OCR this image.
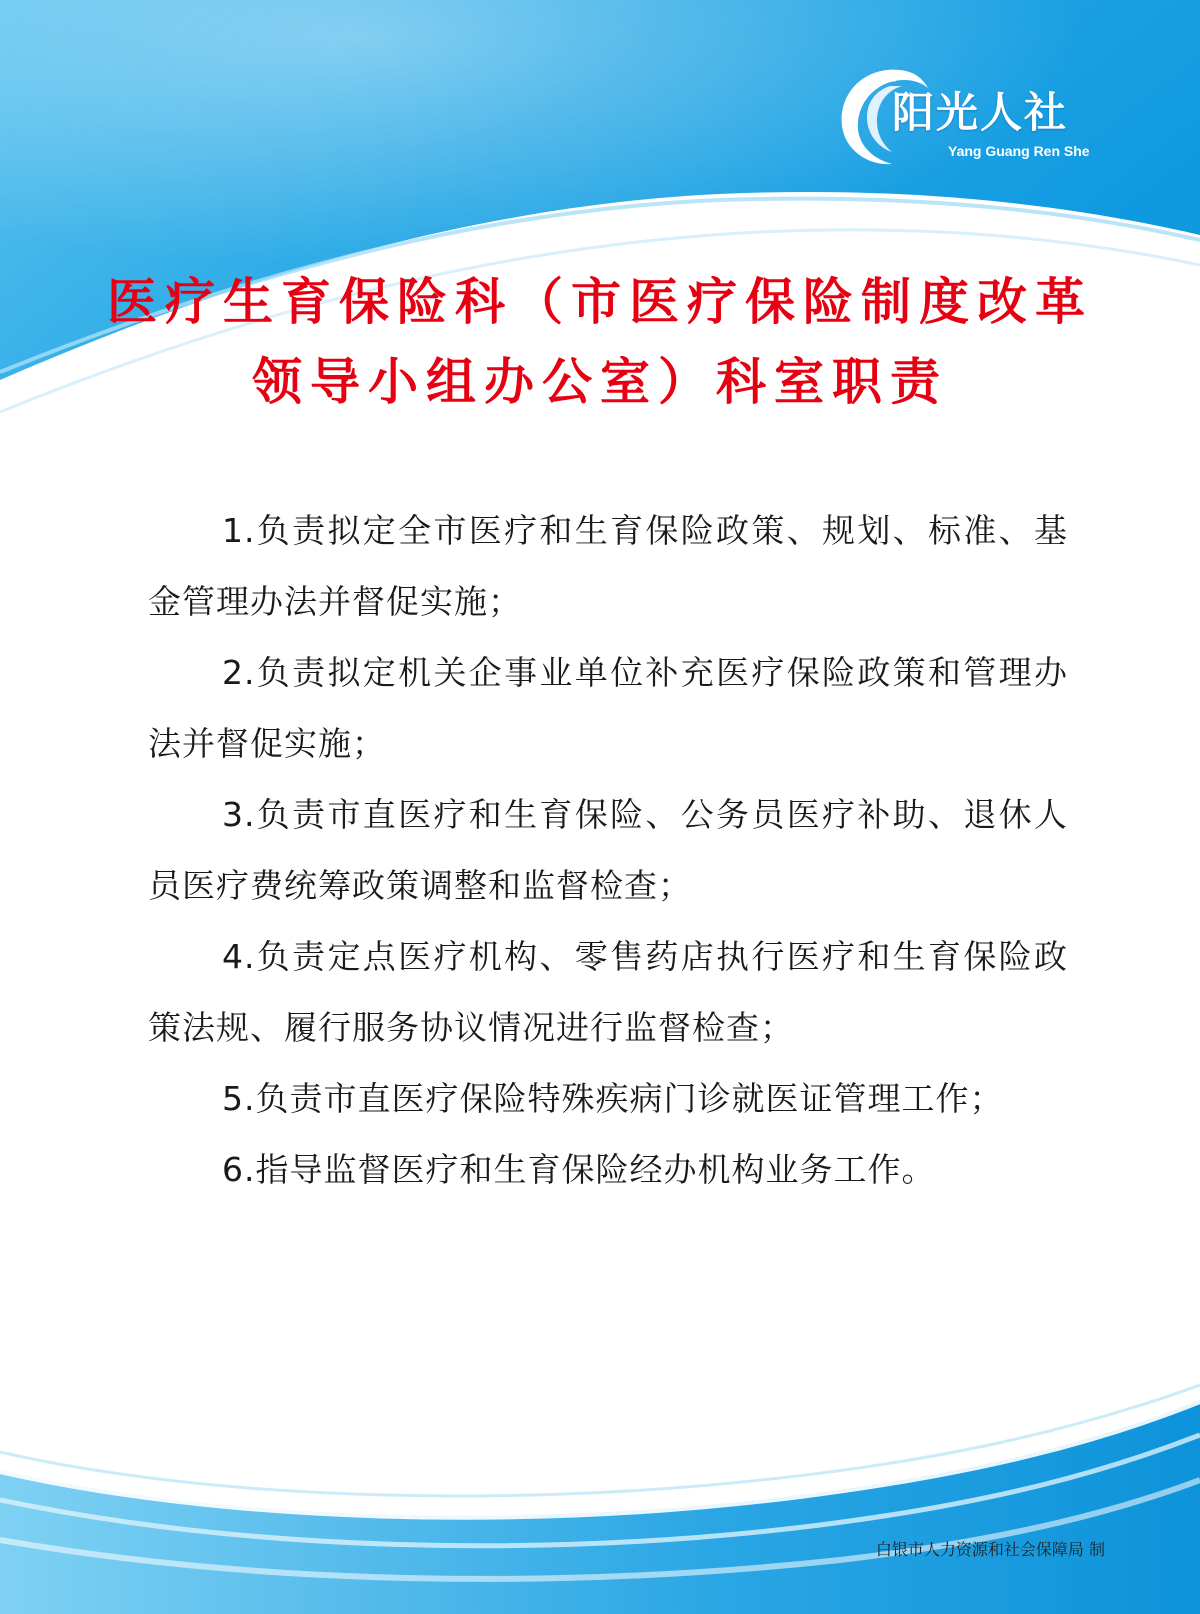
阳光人社
Yang Guang Ren She
医疗生育保险科（市医疗保险制度改革
领导小组办公室）科室职责

1.负责拟定全市医疗和生育保险政策、规划、标准、基金管理办法并督促实施；

2.负责拟定机关企事业单位补充医疗保险政策和管理办法并督促实施；

3.负责市直医疗和生育保险、公务员医疗补助、退休人员医疗费统筹政策调整和监督检查；

4.负责定点医疗机构、零售药店执行医疗和生育保险政策法规、履行服务协议情况进行监督检查；

5.负责市直医疗保险特殊疾病门诊就医证管理工作；

6.指导监督医疗和生育保险经办机构业务工作。

白银市人力资源和社会保障局 制
